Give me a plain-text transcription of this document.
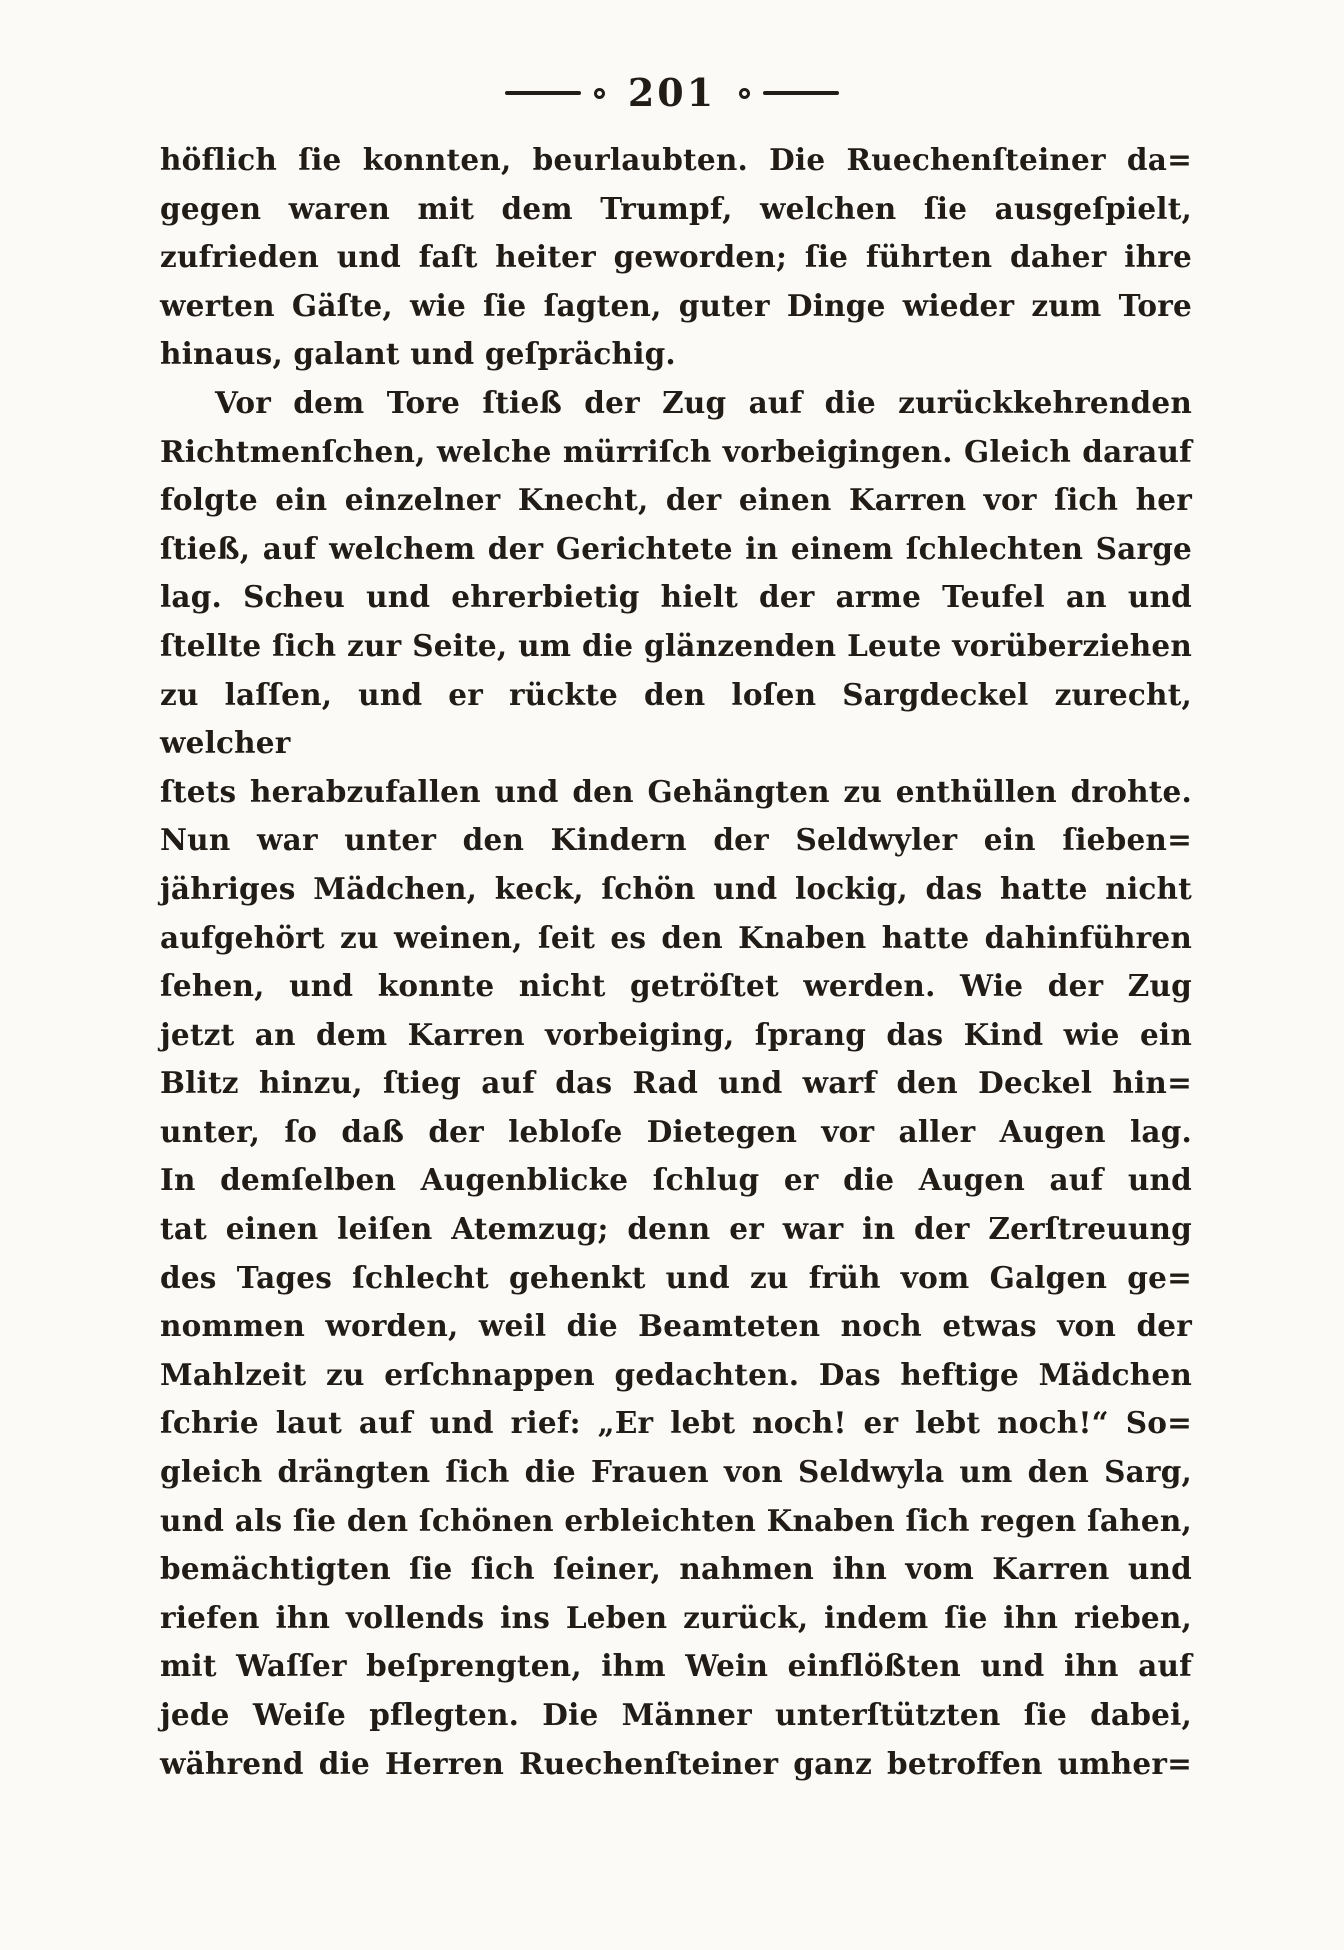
201
höflich ſie konnten, beurlaubten. Die Ruechenſteiner da=
gegen waren mit dem Trumpf, welchen ſie ausgeſpielt,
zufrieden und faſt heiter geworden; ſie führten daher ihre
werten Gäſte, wie ſie ſagten, guter Dinge wieder zum Tore
hinaus, galant und geſprächig.
Vor dem Tore ſtieß der Zug auf die zurückkehrenden
Richtmenſchen, welche mürriſch vorbeigingen. Gleich darauf
folgte ein einzelner Knecht, der einen Karren vor ſich her
ſtieß, auf welchem der Gerichtete in einem ſchlechten Sarge
lag. Scheu und ehrerbietig hielt der arme Teufel an und
ſtellte ſich zur Seite, um die glänzenden Leute vorüberziehen
zu laſſen, und er rückte den loſen Sargdeckel zurecht, welcher
ſtets herabzufallen und den Gehängten zu enthüllen drohte.
Nun war unter den Kindern der Seldwyler ein ſieben=
jähriges Mädchen, keck, ſchön und lockig, das hatte nicht
aufgehört zu weinen, ſeit es den Knaben hatte dahinführen
ſehen, und konnte nicht getröſtet werden. Wie der Zug
jetzt an dem Karren vorbeiging, ſprang das Kind wie ein
Blitz hinzu, ſtieg auf das Rad und warf den Deckel hin=
unter, ſo daß der lebloſe Dietegen vor aller Augen lag.
In demſelben Augenblicke ſchlug er die Augen auf und
tat einen leiſen Atemzug; denn er war in der Zerſtreuung
des Tages ſchlecht gehenkt und zu früh vom Galgen ge=
nommen worden, weil die Beamteten noch etwas von der
Mahlzeit zu erſchnappen gedachten. Das heftige Mädchen
ſchrie laut auf und rief: „Er lebt noch! er lebt noch!“ So=
gleich drängten ſich die Frauen von Seldwyla um den Sarg,
und als ſie den ſchönen erbleichten Knaben ſich regen ſahen,
bemächtigten ſie ſich ſeiner, nahmen ihn vom Karren und
riefen ihn vollends ins Leben zurück, indem ſie ihn rieben,
mit Waſſer beſprengten, ihm Wein einflößten und ihn auf
jede Weiſe pflegten. Die Männer unterſtützten ſie dabei,
während die Herren Ruechenſteiner ganz betroffen umher=
